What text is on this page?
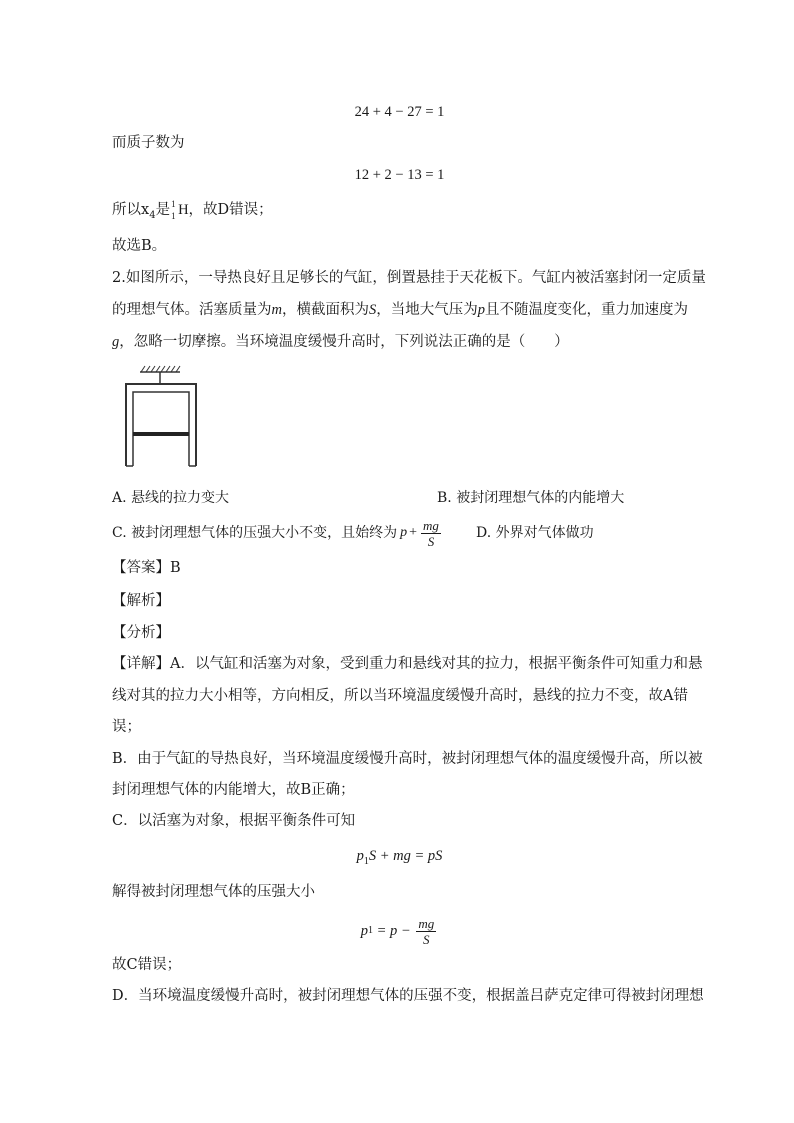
24 + 4 − 27 = 1
而质子数为
12 + 2 − 13 = 1
所以$x_4$是 1
1 H，故D错误；
故选B。
2.如图所示，一导热良好且足够长的气缸，倒置悬挂于天花板下。气缸内被活塞封闭一定质量
的理想气体。活塞质量为m，横截面积为S，当地大气压为p且不随温度变化，重力加速度为
g，忽略一切摩擦。当环境温度缓慢升高时，下列说法正确的是（　　）
A. 悬线的拉力变大	B. 被封闭理想气体的内能增大
C. 被封闭理想气体的压强大小不变，且始终为 $p + \frac{mg}{S}$	D. 外界对气体做功
【答案】B
【解析】
【分析】
【详解】A．以气缸和活塞为对象，受到重力和悬线对其的拉力，根据平衡条件可知重力和悬
线对其的拉力大小相等，方向相反，所以当环境温度缓慢升高时，悬线的拉力不变，故A错
误；
B．由于气缸的导热良好，当环境温度缓慢升高时，被封闭理想气体的温度缓慢升高，所以被
封闭理想气体的内能增大，故B正确；
C．以活塞为对象，根据平衡条件可知
$p_1S$ + mg = pS
解得被封闭理想气体的压强大小
p $1 = p - \frac{mg}{S}$
故C错误；
D．当环境温度缓慢升高时，被封闭理想气体的压强不变，根据盖吕萨克定律可得被封闭理想
